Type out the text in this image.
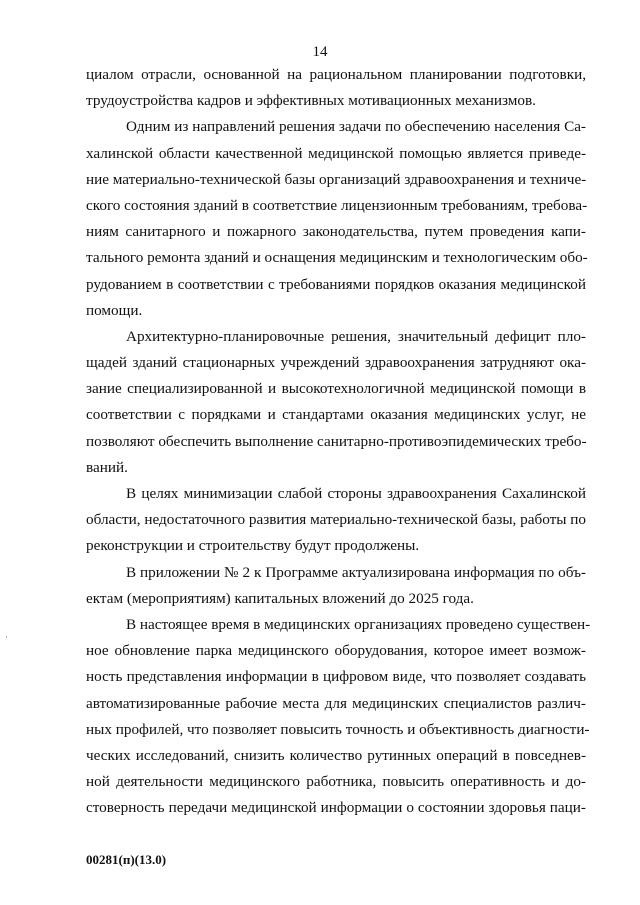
14
циалом отрасли, основанной на рациональном планировании подготовки,
трудоустройства кадров и эффективных мотивационных механизмов.
Одним из направлений решения задачи по обеспечению населения Са-
халинской области качественной медицинской помощью является приведе-
ние материально-технической базы организаций здравоохранения и техниче-
ского состояния зданий в соответствие лицензионным требованиям, требова-
ниям санитарного и пожарного законодательства, путем проведения капи-
тального ремонта зданий и оснащения медицинским и технологическим обо-
рудованием в соответствии с требованиями порядков оказания медицинской
помощи.
Архитектурно-планировочные решения, значительный дефицит пло-
щадей зданий стационарных учреждений здравоохранения затрудняют ока-
зание специализированной и высокотехнологичной медицинской помощи в
соответствии с порядками и стандартами оказания медицинских услуг, не
позволяют обеспечить выполнение санитарно-противоэпидемических требо-
ваний.
В целях минимизации слабой стороны здравоохранения Сахалинской
области, недостаточного развития материально-технической базы, работы по
реконструкции и строительству будут продолжены.
В приложении № 2 к Программе актуализирована информация по объ-
ектам (мероприятиям) капитальных вложений до 2025 года.
В настоящее время в медицинских организациях проведено существен-
ное обновление парка медицинского оборудования, которое имеет возмож-
ность представления информации в цифровом виде, что позволяет создавать
автоматизированные рабочие места для медицинских специалистов различ-
ных профилей, что позволяет повысить точность и объективность диагности-
ческих исследований, снизить количество рутинных операций в повседнев-
ной деятельности медицинского работника, повысить оперативность и до-
стоверность передачи медицинской информации о состоянии здоровья паци-
·
00281(п)(13.0)
